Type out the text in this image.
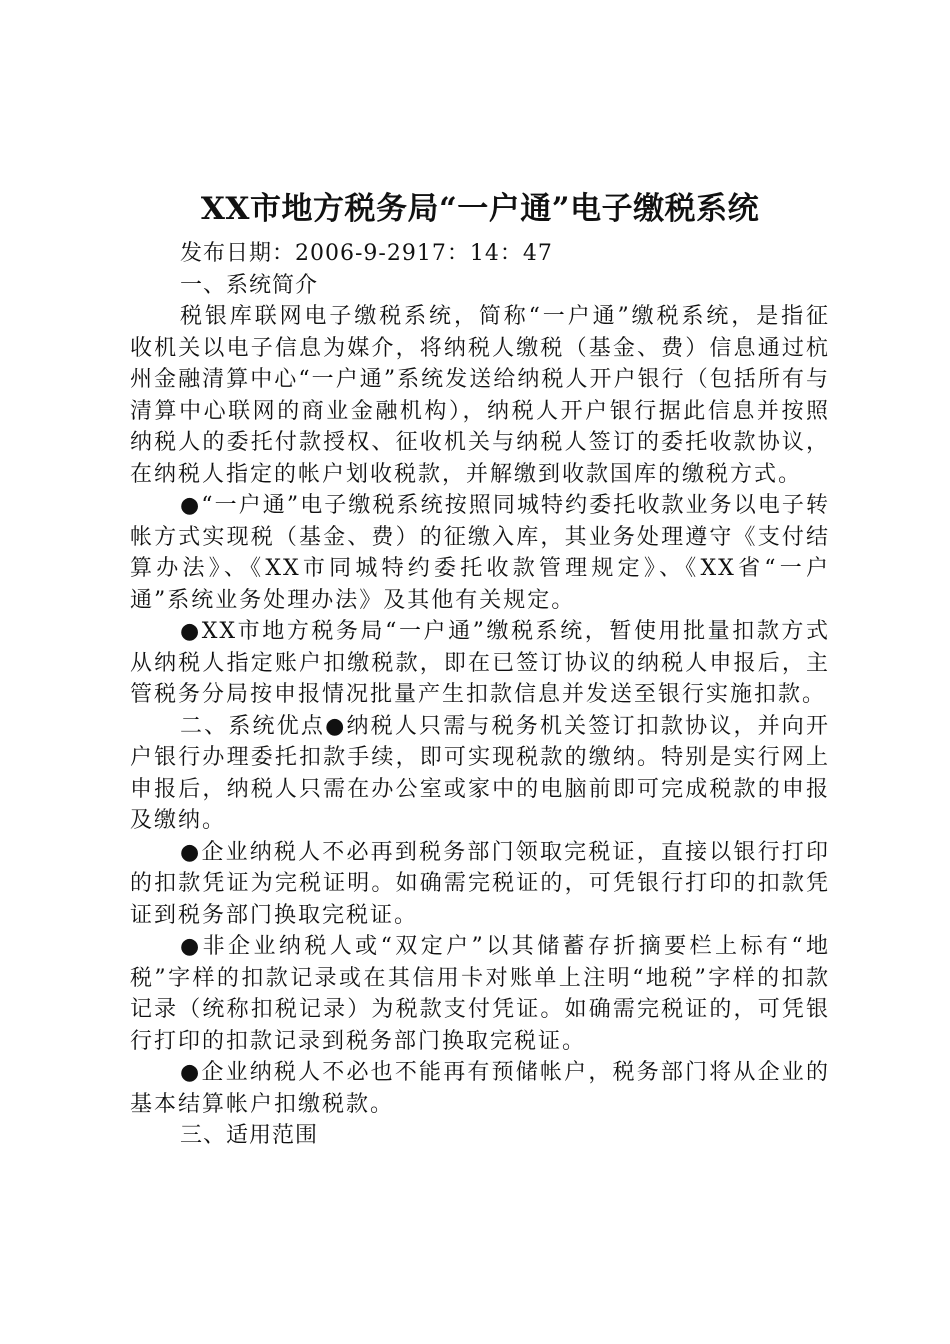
XX市地方税务局“一户通”电子缴税系统

发布日期：2006-9-2917：14：47

一、系统简介

税银库联网电子缴税系统，简称“一户通”缴税系统，是指征收机关以电子信息为媒介，将纳税人缴税（基金、费）信息通过杭州金融清算中心“一户通”系统发送给纳税人开户银行（包括所有与清算中心联网的商业金融机构），纳税人开户银行据此信息并按照纳税人的委托付款授权、征收机关与纳税人签订的委托收款协议，在纳税人指定的帐户划收税款，并解缴到收款国库的缴税方式。

●“一户通”电子缴税系统按照同城特约委托收款业务以电子转帐方式实现税（基金、费）的征缴入库，其业务处理遵守《支付结算办法》、《XX市同城特约委托收款管理规定》、《XX省“一户通”系统业务处理办法》及其他有关规定。

●XX市地方税务局“一户通”缴税系统，暂使用批量扣款方式从纳税人指定账户扣缴税款，即在已签订协议的纳税人申报后，主管税务分局按申报情况批量产生扣款信息并发送至银行实施扣款。

二、系统优点●纳税人只需与税务机关签订扣款协议，并向开户银行办理委托扣款手续，即可实现税款的缴纳。特别是实行网上申报后，纳税人只需在办公室或家中的电脑前即可完成税款的申报及缴纳。

●企业纳税人不必再到税务部门领取完税证，直接以银行打印的扣款凭证为完税证明。如确需完税证的，可凭银行打印的扣款凭证到税务部门换取完税证。

●非企业纳税人或“双定户”以其储蓄存折摘要栏上标有“地税”字样的扣款记录或在其信用卡对账单上注明“地税”字样的扣款记录（统称扣税记录）为税款支付凭证。如确需完税证的，可凭银行打印的扣款记录到税务部门换取完税证。

●企业纳税人不必也不能再有预储帐户，税务部门将从企业的基本结算帐户扣缴税款。

三、适用范围
